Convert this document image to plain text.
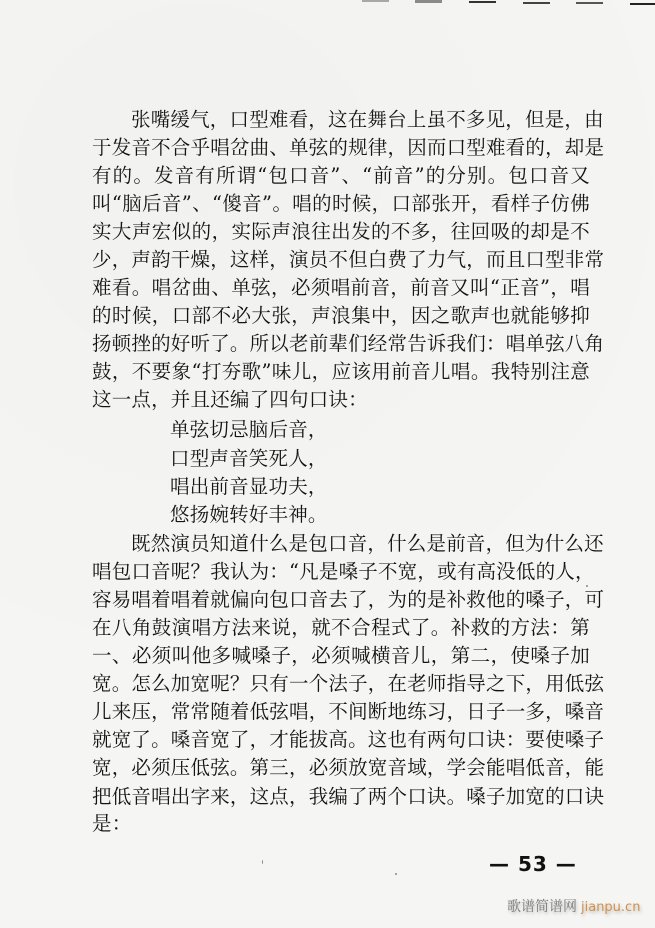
张嘴缓气，口型难看，这在舞台上虽不多见，但是，由
于发音不合乎唱岔曲、单弦的规律，因而口型难看的，却是
有的。发音有所谓“包口音”、“前音”的分别。包口音又
叫“脑后音”、“傻音”。唱的时候，口部张开，看样子仿佛
实大声宏似的，实际声浪往出发的不多，往回吸的却是不
少，声韵干燥，这样，演员不但白费了力气，而且口型非常
难看。唱岔曲、单弦，必须唱前音，前音又叫“正音”，唱
的时候，口部不必大张，声浪集中，因之歌声也就能够抑
扬顿挫的好听了。所以老前辈们经常告诉我们：唱单弦八角
鼓，不要象“打夯歌”味儿，应该用前音儿唱。我特别注意
这一点，并且还编了四句口诀：
单弦切忌脑后音，
口型声音笑死人，
唱出前音显功夫，
悠扬婉转好丰神。
既然演员知道什么是包口音，什么是前音，但为什么还
唱包口音呢？我认为：“凡是嗓子不宽，或有高没低的人，
容易唱着唱着就偏向包口音去了，为的是补救他的嗓子，可
在八角鼓演唱方法来说，就不合程式了。补救的方法：第
一、必须叫他多喊嗓子，必须喊横音儿，第二，使嗓子加
宽。怎么加宽呢？只有一个法子，在老师指导之下，用低弦
儿来压，常常随着低弦唱，不间断地练习，日子一多，嗓音
就宽了。嗓音宽了，才能拔高。这也有两句口诀：要使嗓子
宽，必须压低弦。第三，必须放宽音域，学会能唱低音，能
把低音唱出字来，这点，我编了两个口诀。嗓子加宽的口诀
是：
— 53 —
歌谱简谱网 jianpu.cn
